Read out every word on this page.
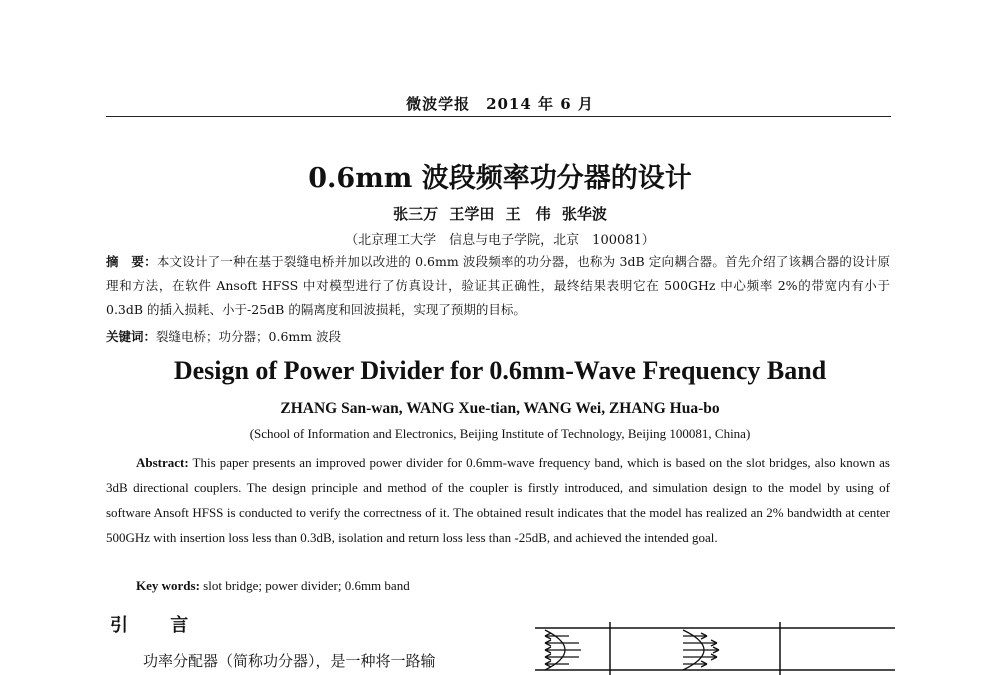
微波学报　2014 年 6 月
0.6mm 波段频率功分器的设计
张三万 王学田 王　伟 张华波
（北京理工大学　信息与电子学院，北京　100081）
摘　要：本文设计了一种在基于裂缝电桥并加以改进的 0.6mm 波段频率的功分器，也称为 3dB 定向耦合器。首先介绍了该耦合器的设计原理和方法，在软件 Ansoft HFSS 中对模型进行了仿真设计，验证其正确性，最终结果表明它在 500GHz 中心频率 2%的带宽内有小于 0.3dB 的插入损耗、小于-25dB 的隔离度和回波损耗，实现了预期的目标。
关键词：裂缝电桥；功分器；0.6mm 波段
Design of Power Divider for 0.6mm-Wave Frequency Band
ZHANG San-wan, WANG Xue-tian, WANG Wei, ZHANG Hua-bo
(School of Information and Electronics, Beijing Institute of Technology, Beijing 100081, China)
Abstract: This paper presents an improved power divider for 0.6mm-wave frequency band, which is based on the slot bridges, also known as 3dB directional couplers. The design principle and method of the coupler is firstly introduced, and simulation design to the model by using of software Ansoft HFSS is conducted to verify the correctness of it. The obtained result indicates that the model has realized an 2% bandwidth at center 500GHz with insertion loss less than 0.3dB, isolation and return loss less than -25dB, and achieved the intended goal.
Key words: slot bridge; power divider; 0.6mm band
引 言
功率分配器（简称功分器），是一种将一路输
